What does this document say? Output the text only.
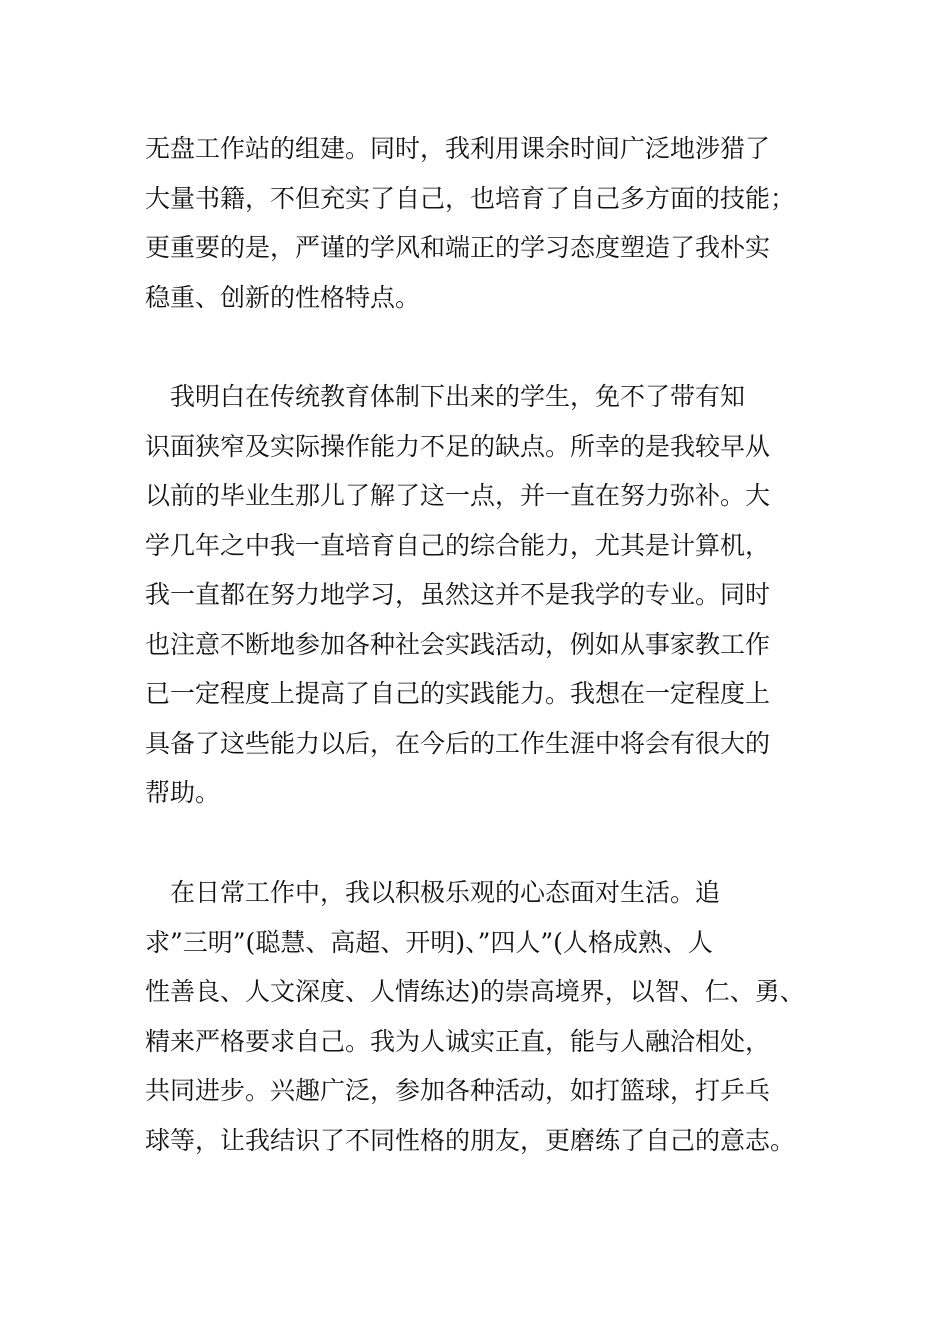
无盘工作站的组建。同时，我利用课余时间广泛地涉猎了
大量书籍，不但充实了自己，也培育了自己多方面的技能；
更重要的是，严谨的学风和端正的学习态度塑造了我朴实
稳重、创新的性格特点。
　我明白在传统教育体制下出来的学生，免不了带有知
识面狭窄及实际操作能力不足的缺点。所幸的是我较早从
以前的毕业生那儿了解了这一点，并一直在努力弥补。大
学几年之中我一直培育自己的综合能力，尤其是计算机，
我一直都在努力地学习，虽然这并不是我学的专业。同时
也注意不断地参加各种社会实践活动，例如从事家教工作
已一定程度上提高了自己的实践能力。我想在一定程度上
具备了这些能力以后，在今后的工作生涯中将会有很大的
帮助。
　在日常工作中，我以积极乐观的心态面对生活。追
求”三明”(聪慧、高超、开明)、”四人”(人格成熟、人
性善良、人文深度、人情练达)的崇高境界，以智、仁、勇、
精来严格要求自己。我为人诚实正直，能与人融洽相处，
共同进步。兴趣广泛，参加各种活动，如打篮球，打乒乓
球等，让我结识了不同性格的朋友，更磨练了自己的意志。
